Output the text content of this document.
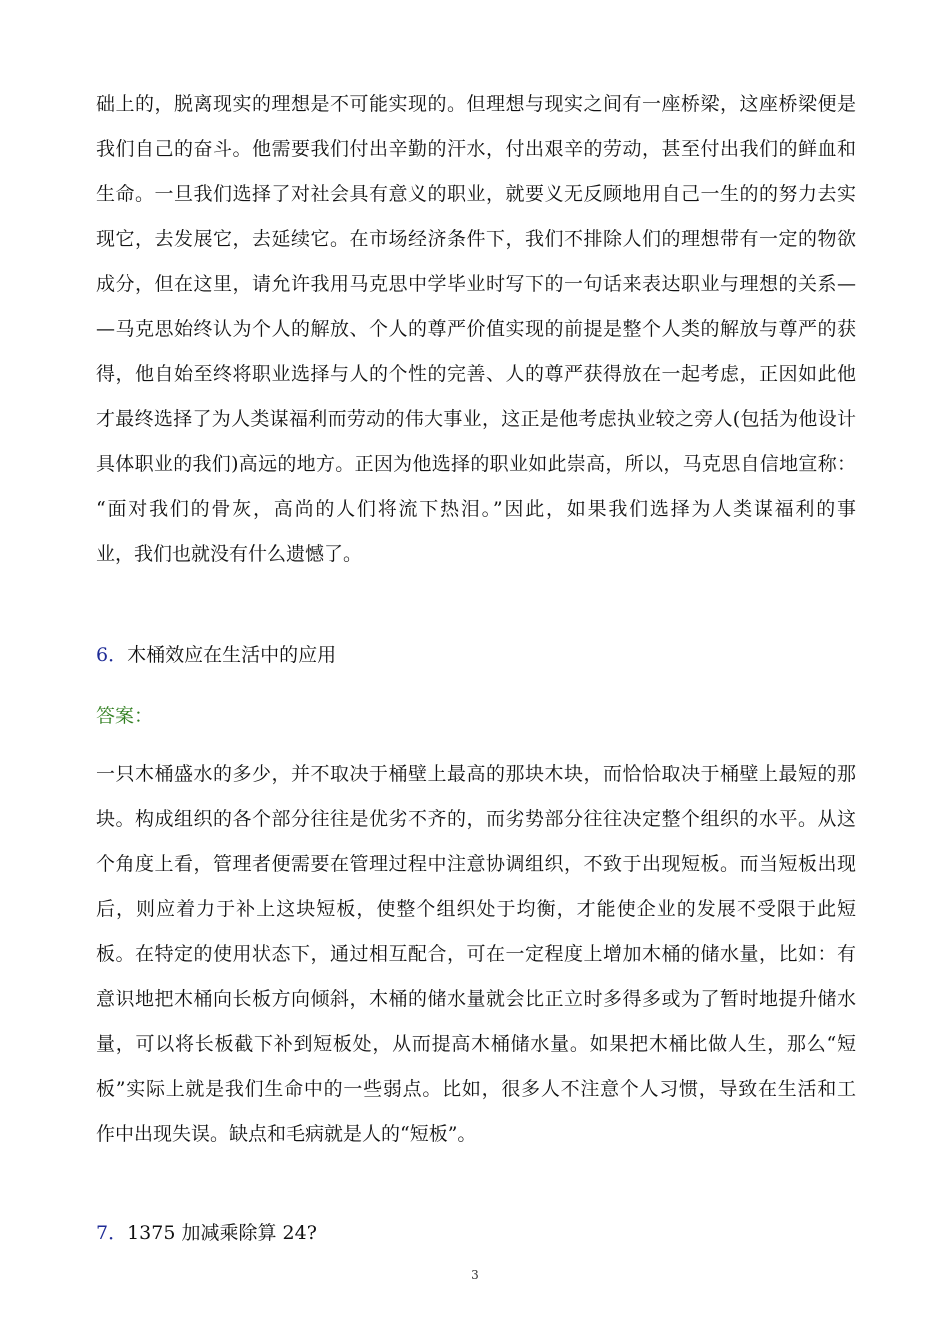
础上的，脱离现实的理想是不可能实现的。但理想与现实之间有一座桥梁，这座桥梁便是
我们自己的奋斗。他需要我们付出辛勤的汗水，付出艰辛的劳动，甚至付出我们的鲜血和
生命。一旦我们选择了对社会具有意义的职业，就要义无反顾地用自己一生的的努力去实
现它，去发展它，去延续它。在市场经济条件下，我们不排除人们的理想带有一定的物欲
成分，但在这里，请允许我用马克思中学毕业时写下的一句话来表达职业与理想的关系—
—马克思始终认为个人的解放、个人的尊严价值实现的前提是整个人类的解放与尊严的获
得，他自始至终将职业选择与人的个性的完善、人的尊严获得放在一起考虑，正因如此他
才最终选择了为人类谋福利而劳动的伟大事业，这正是他考虑执业较之旁人(包括为他设计
具体职业的我们)高远的地方。正因为他选择的职业如此崇高，所以，马克思自信地宣称：
“面对我们的骨灰，高尚的人们将流下热泪。”因此，如果我们选择为人类谋福利的事
业，我们也就没有什么遗憾了。
6．木桶效应在生活中的应用
答案：
一只木桶盛水的多少，并不取决于桶壁上最高的那块木块，而恰恰取决于桶壁上最短的那
块。构成组织的各个部分往往是优劣不齐的，而劣势部分往往决定整个组织的水平。从这
个角度上看，管理者便需要在管理过程中注意协调组织，不致于出现短板。而当短板出现
后，则应着力于补上这块短板，使整个组织处于均衡，才能使企业的发展不受限于此短
板。在特定的使用状态下，通过相互配合，可在一定程度上增加木桶的储水量，比如：有
意识地把木桶向长板方向倾斜，木桶的储水量就会比正立时多得多或为了暂时地提升储水
量，可以将长板截下补到短板处，从而提高木桶储水量。如果把木桶比做人生，那么“短
板”实际上就是我们生命中的一些弱点。比如，很多人不注意个人习惯，导致在生活和工
作中出现失误。缺点和毛病就是人的“短板”。
7．1375 加减乘除算 24?
3
